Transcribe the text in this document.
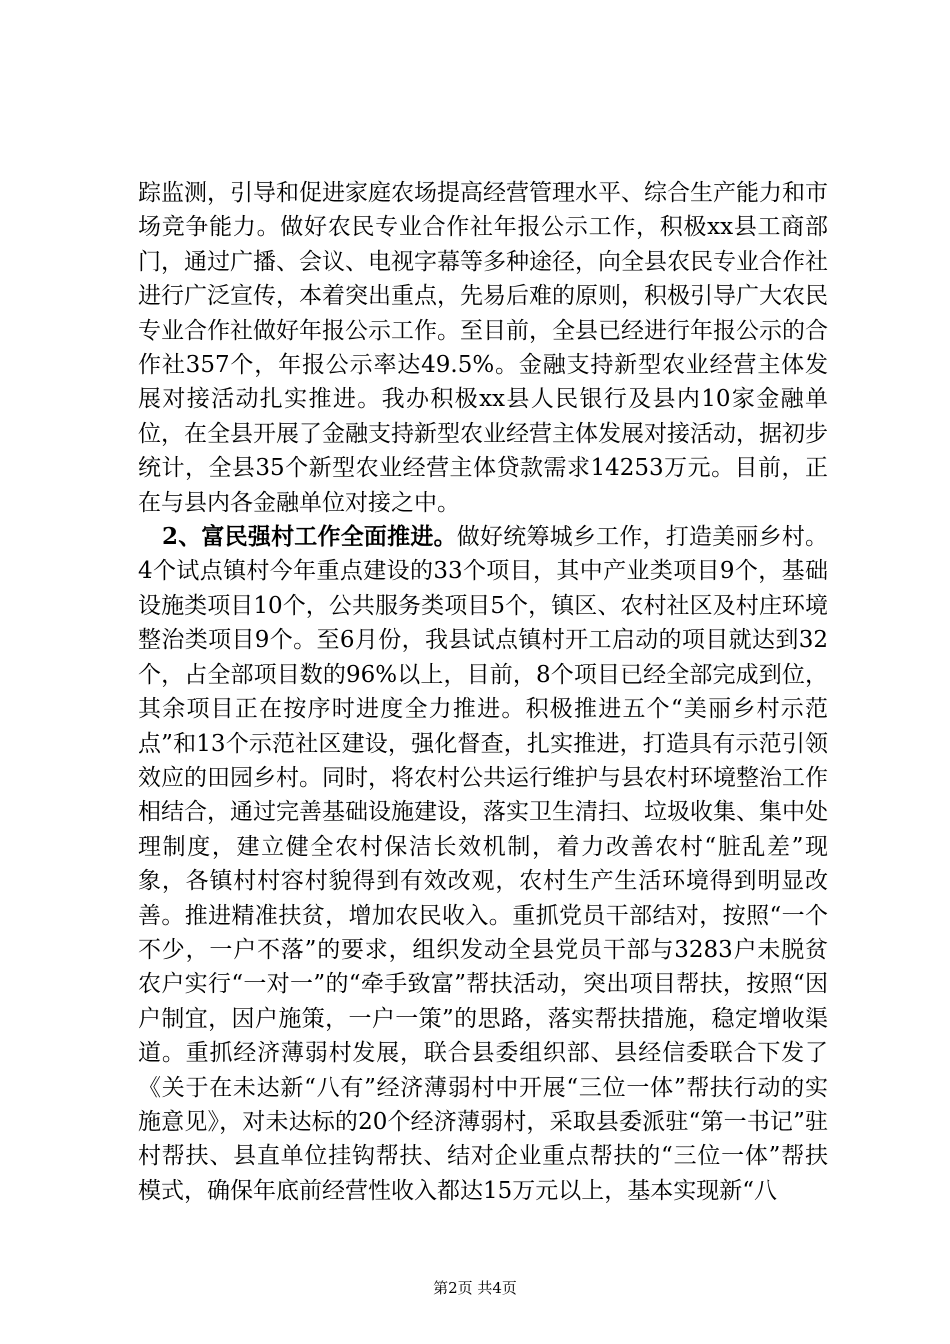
踪监测，引导和促进家庭农场提高经营管理水平、综合生产能力和市场竞争能力。做好农民专业合作社年报公示工作，积极xx县工商部门，通过广播、会议、电视字幕等多种途径，向全县农民专业合作社进行广泛宣传，本着突出重点，先易后难的原则，积极引导广大农民专业合作社做好年报公示工作。至目前，全县已经进行年报公示的合作社357个，年报公示率达49.5%。金融支持新型农业经营主体发展对接活动扎实推进。我办积极xx县人民银行及县内10家金融单位，在全县开展了金融支持新型农业经营主体发展对接活动，据初步统计，全县35个新型农业经营主体贷款需求14253万元。目前，正在与县内各金融单位对接之中。

2、富民强村工作全面推进。做好统筹城乡工作，打造美丽乡村。4个试点镇村今年重点建设的33个项目，其中产业类项目9个，基础设施类项目10个，公共服务类项目5个，镇区、农村社区及村庄环境整治类项目9个。至6月份，我县试点镇村开工启动的项目就达到32个，占全部项目数的96%以上，目前，8个项目已经全部完成到位，其余项目正在按序时进度全力推进。积极推进五个“美丽乡村示范点”和13个示范社区建设，强化督查，扎实推进，打造具有示范引领效应的田园乡村。同时，将农村公共运行维护与县农村环境整治工作相结合，通过完善基础设施建设，落实卫生清扫、垃圾收集、集中处理制度，建立健全农村保洁长效机制，着力改善农村“脏乱差”现象，各镇村村容村貌得到有效改观，农村生产生活环境得到明显改善。推进精准扶贫，增加农民收入。重抓党员干部结对，按照“一个不少，一户不落”的要求，组织发动全县党员干部与3283户未脱贫农户实行“一对一”的“牵手致富”帮扶活动，突出项目帮扶，按照“因户制宜，因户施策，一户一策”的思路，落实帮扶措施，稳定增收渠道。重抓经济薄弱村发展，联合县委组织部、县经信委联合下发了《关于在未达新“八有”经济薄弱村中开展“三位一体”帮扶行动的实施意见》，对未达标的20个经济薄弱村，采取县委派驻“第一书记”驻村帮扶、县直单位挂钩帮扶、结对企业重点帮扶的“三位一体”帮扶模式，确保年底前经营性收入都达15万元以上，基本实现新“八

第2页 共4页
